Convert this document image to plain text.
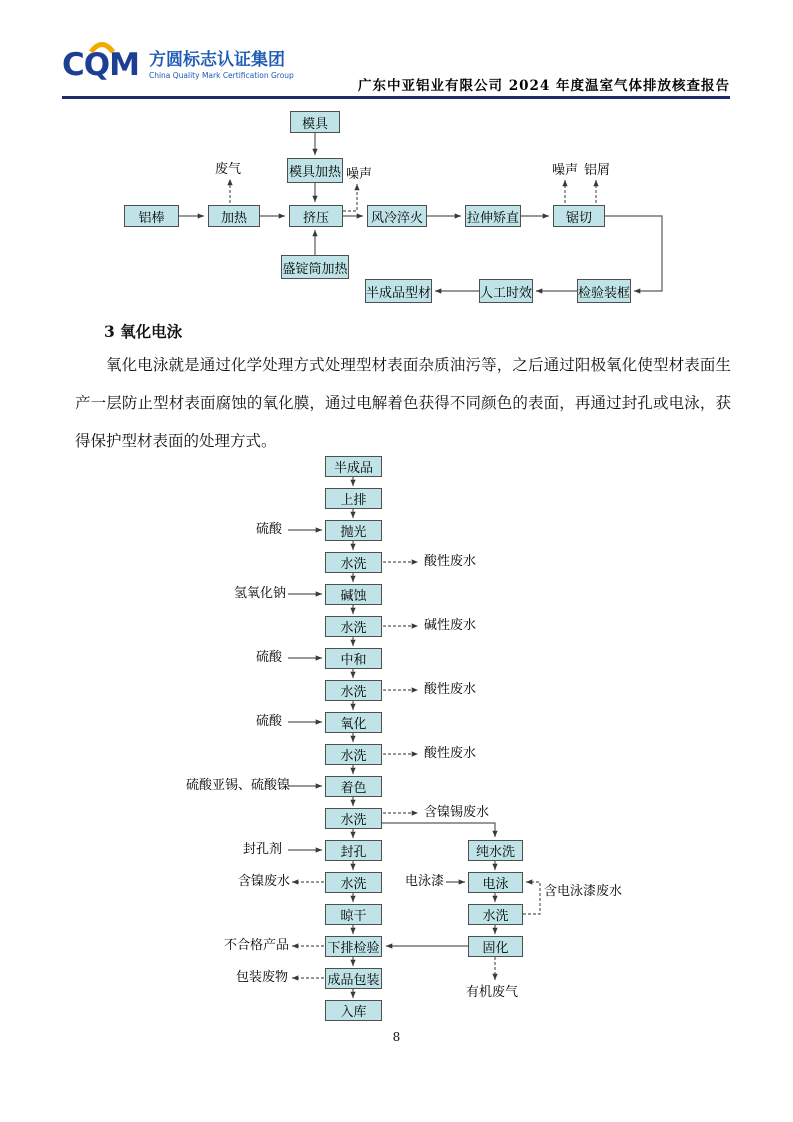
CQM 方圆标志认证集团
China Quality Mark Certification Group
广东中亚铝业有限公司 2024 年度温室气体排放核查报告
模具
模具加热
铝棒	加热	挤压	风冷淬火	拉伸矫直	锯切
盛锭筒加热
半成品型材	人工时效	检验装框
废气	噪声	噪声 铝屑
3 氧化电泳
氧化电泳就是通过化学处理方式处理型材表面杂质油污等，之后通过阳极氧化使型材表面生产一层防止型材表面腐蚀的氧化膜，通过电解着色获得不同颜色的表面，再通过封孔或电泳，获得保护型材表面的处理方式。
半成品
上排
抛光
水洗
碱蚀
水洗
中和
水洗
氧化
水洗
着色
水洗
封孔
水洗
晾干
下排检验
成品包装
入库
纯水洗
电泳
水洗
固化
硫酸
氢氧化钠
硫酸
硫酸
硫酸亚锡、硫酸镍
封孔剂
电泳漆
酸性废水
碱性废水
酸性废水
酸性废水
含镍锡废水
含镍废水
含电泳漆废水
不合格产品
包装废物
有机废气
8
